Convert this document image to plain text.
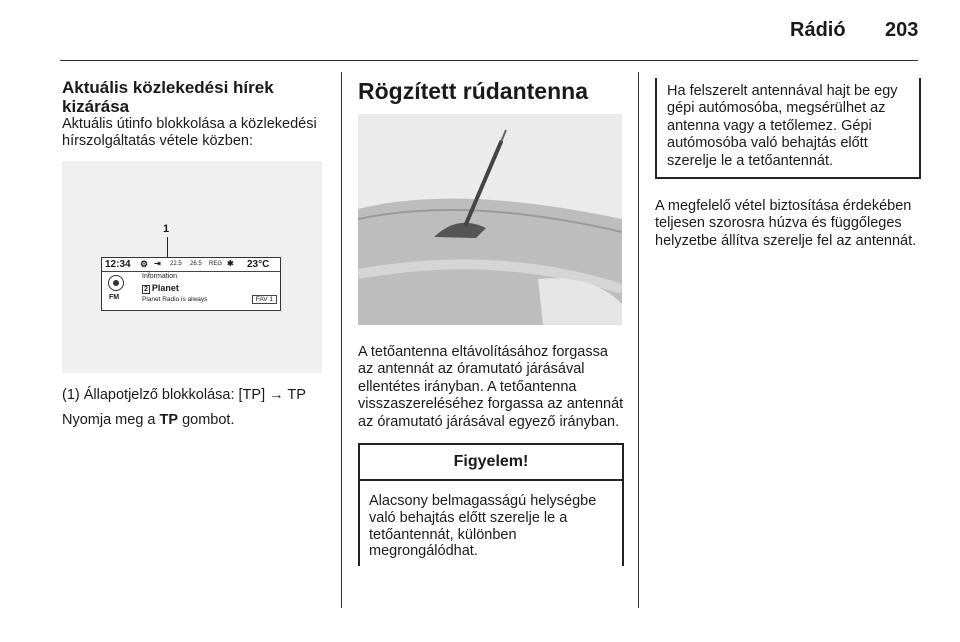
Rádió 203
Aktuális közlekedési hírek kizárása

Aktuális útinfo blokkolása a közlekedési hírszolgáltatás vétele közben:

1
12:34 ⚙ ⇥ 22.5 26.5 REG ✱ 23°C
FM
Information
2 Planet
Planet Radio is always	FAV 1

(1) Állapotjelző blokkolása: [TP] → TP

Nyomja meg a TP gombot.

Rögzített rúdantenna

A tetőantenna eltávolításához forgassa az antennát az óramutató járásával ellentétes irányban. A tetőantenna visszaszereléséhez forgassa az antennát az óramutató járásával egyező irányban.

Figyelem!
Alacsony belmagasságú helységbe való behajtás előtt szerelje le a tetőantennát, különben megrongálódhat.
Ha felszerelt antennával hajt be egy gépi autómosóba, megsérülhet az antenna vagy a tetőlemez. Gépi autómosóba való behajtás előtt szerelje le a tetőantennát.

A megfelelő vétel biztosítása érdekében teljesen szorosra húzva és függőleges helyzetbe állítva szerelje fel az antennát.
